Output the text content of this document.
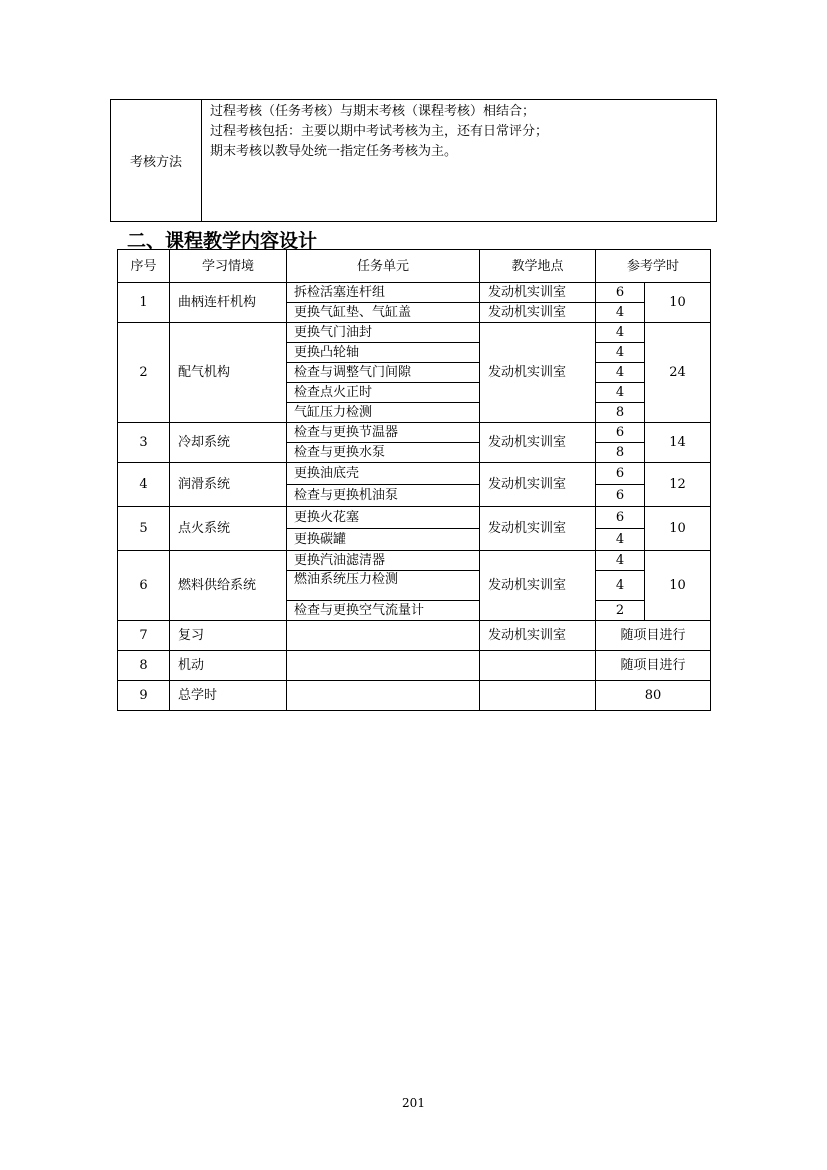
考核方法	
过程考核（任务考核）与期末考核（课程考核）相结合；
过程考核包括：主要以期中考试考核为主，还有日常评分；
期末考核以教导处统一指定任务考核为主。
二、课程教学内容设计
序号	学习情境	任务单元	教学地点	参考学时	
1	曲柄连杆机构	拆检活塞连杆组	发动机实训室	6	10
		更换气缸垫、气缸盖	发动机实训室	4	
2	配气机构	更换气门油封	发动机实训室	4	24
		更换凸轮轴		4	
		检查与调整气门间隙		4	
		检查点火正时		4	
		气缸压力检测		8	
3	冷却系统	检查与更换节温器	发动机实训室	6	14
		检查与更换水泵		8	
4	润滑系统	更换油底壳	发动机实训室	6	12
		检查与更换机油泵		6	
5	点火系统	更换火花塞	发动机实训室	6	10
		更换碳罐		4	
6	燃料供给系统	更换汽油滤清器	发动机实训室	4	10
		燃油系统压力检测		4	
		检查与更换空气流量计		2	
7	复习		发动机实训室	随项目进行	
8	机动			随项目进行	
9	总学时			80	
201
